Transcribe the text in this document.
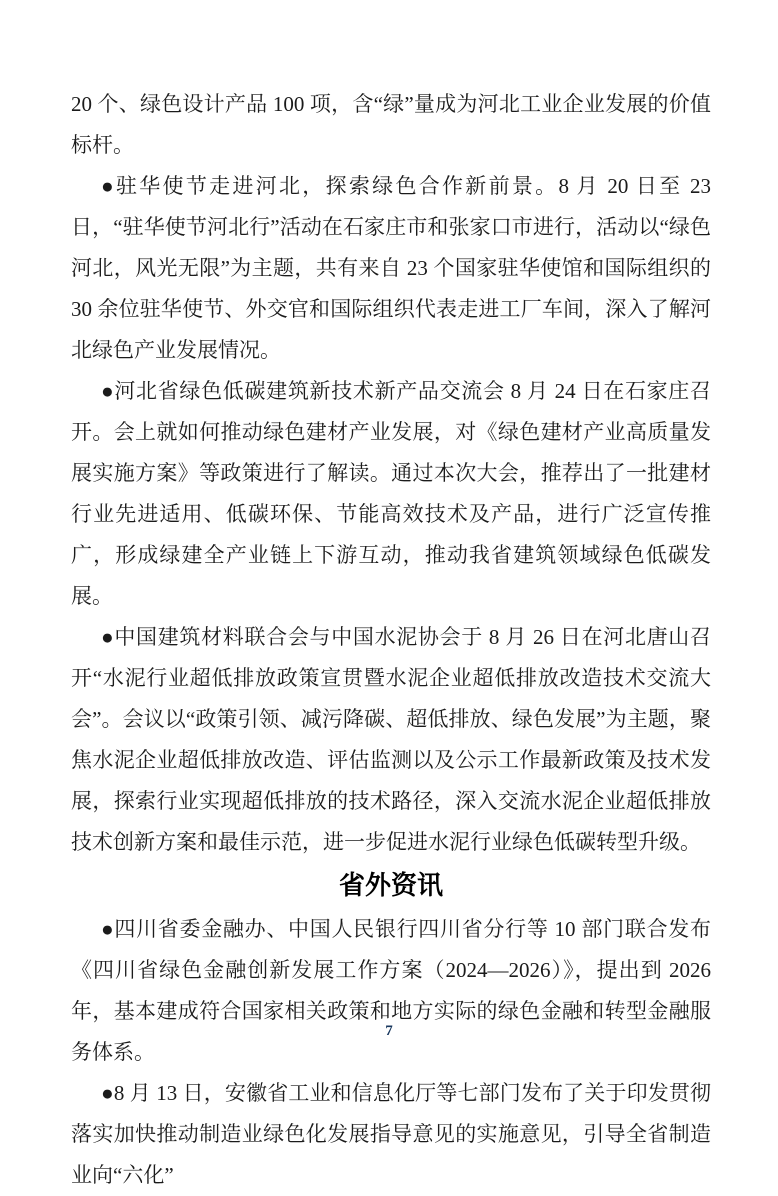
20 个、绿色设计产品 100 项，含“绿”量成为河北工业企业发展的价值标杆。

●驻华使节走进河北，探索绿色合作新前景。8 月 20 日至 23 日，“驻华使节河北行”活动在石家庄市和张家口市进行，活动以“绿色河北，风光无限”为主题，共有来自 23 个国家驻华使馆和国际组织的 30 余位驻华使节、外交官和国际组织代表走进工厂车间，深入了解河北绿色产业发展情况。

●河北省绿色低碳建筑新技术新产品交流会 8 月 24 日在石家庄召开。会上就如何推动绿色建材产业发展，对《绿色建材产业高质量发展实施方案》等政策进行了解读。通过本次大会，推荐出了一批建材行业先进适用、低碳环保、节能高效技术及产品，进行广泛宣传推广，形成绿建全产业链上下游互动，推动我省建筑领域绿色低碳发展。

●中国建筑材料联合会与中国水泥协会于 8 月 26 日在河北唐山召开“水泥行业超低排放政策宣贯暨水泥企业超低排放改造技术交流大会”。会议以“政策引领、减污降碳、超低排放、绿色发展”为主题，聚焦水泥企业超低排放改造、评估监测以及公示工作最新政策及技术发展，探索行业实现超低排放的技术路径，深入交流水泥企业超低排放技术创新方案和最佳示范，进一步促进水泥行业绿色低碳转型升级。

省外资讯

●四川省委金融办、中国人民银行四川省分行等 10 部门联合发布《四川省绿色金融创新发展工作方案（2024—2026）》，提出到 2026 年，基本建成符合国家相关政策和地方实际的绿色金融和转型金融服务体系。

●8 月 13 日，安徽省工业和信息化厅等七部门发布了关于印发贯彻落实加快推动制造业绿色化发展指导意见的实施意见，引导全省制造业向“六化”

7
